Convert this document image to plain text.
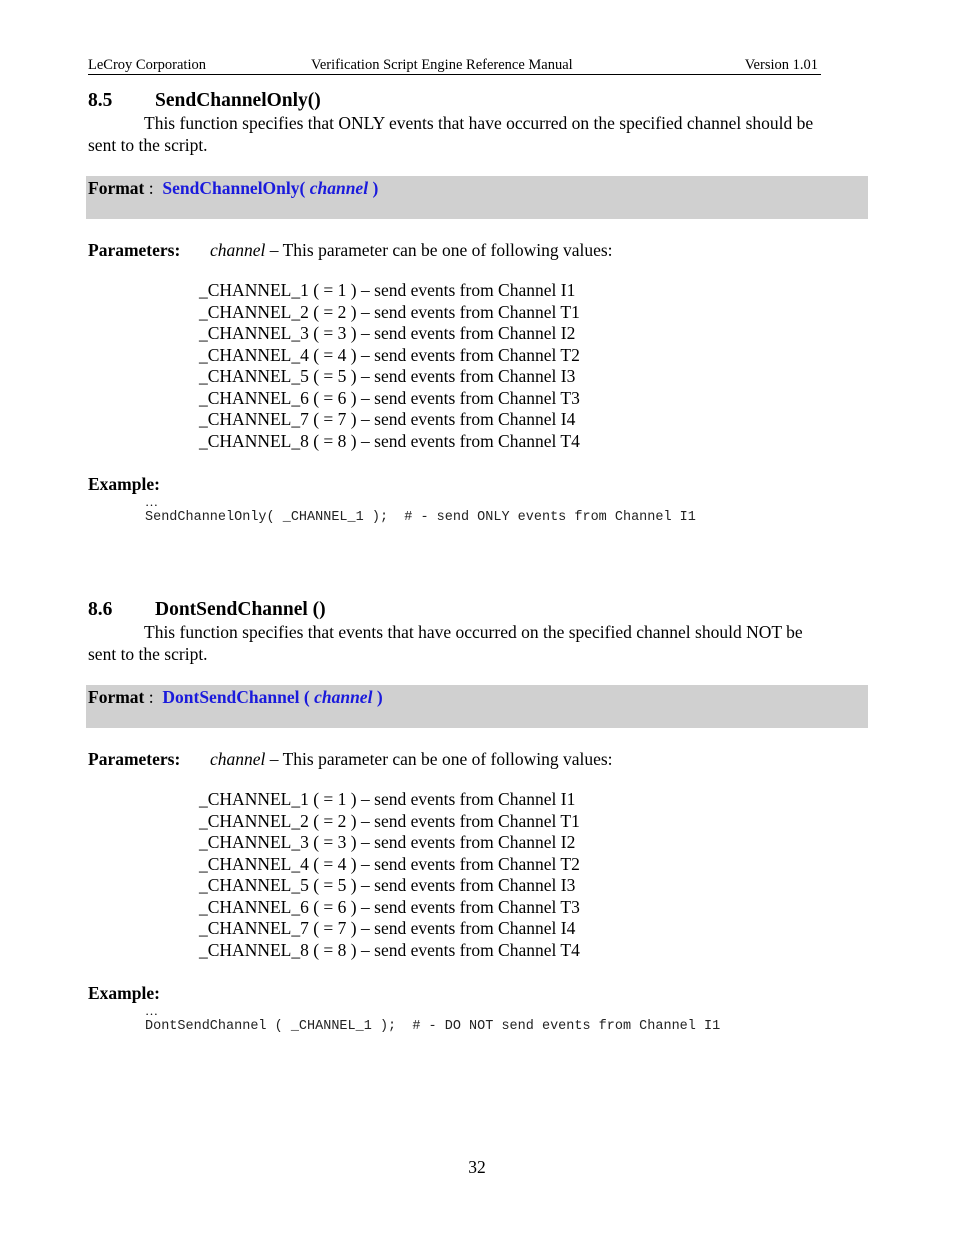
LeCroy Corporation	Verification Script Engine Reference Manual	Version 1.01
8.5 SendChannelOnly()
This function specifies that ONLY events that have occurred on the specified channel should be
sent to the script.
Format : SendChannelOnly( channel )
Parameters: channel – This parameter can be one of following values:
_CHANNEL_1 ( = 1 ) – send events from Channel I1
_CHANNEL_2 ( = 2 ) – send events from Channel T1
_CHANNEL_3 ( = 3 ) – send events from Channel I2
_CHANNEL_4 ( = 4 ) – send events from Channel T2
_CHANNEL_5 ( = 5 ) – send events from Channel I3
_CHANNEL_6 ( = 6 ) – send events from Channel T3
_CHANNEL_7 ( = 7 ) – send events from Channel I4
_CHANNEL_8 ( = 8 ) – send events from Channel T4
Example:
…
SendChannelOnly( _CHANNEL_1 );  # - send ONLY events from Channel I1
8.6 DontSendChannel ()
This function specifies that events that have occurred on the specified channel should NOT be
sent to the script.
Format : DontSendChannel ( channel )
Parameters: channel – This parameter can be one of following values:
_CHANNEL_1 ( = 1 ) – send events from Channel I1
_CHANNEL_2 ( = 2 ) – send events from Channel T1
_CHANNEL_3 ( = 3 ) – send events from Channel I2
_CHANNEL_4 ( = 4 ) – send events from Channel T2
_CHANNEL_5 ( = 5 ) – send events from Channel I3
_CHANNEL_6 ( = 6 ) – send events from Channel T3
_CHANNEL_7 ( = 7 ) – send events from Channel I4
_CHANNEL_8 ( = 8 ) – send events from Channel T4
Example:
…
DontSendChannel ( _CHANNEL_1 );  # - DO NOT send events from Channel I1
32
